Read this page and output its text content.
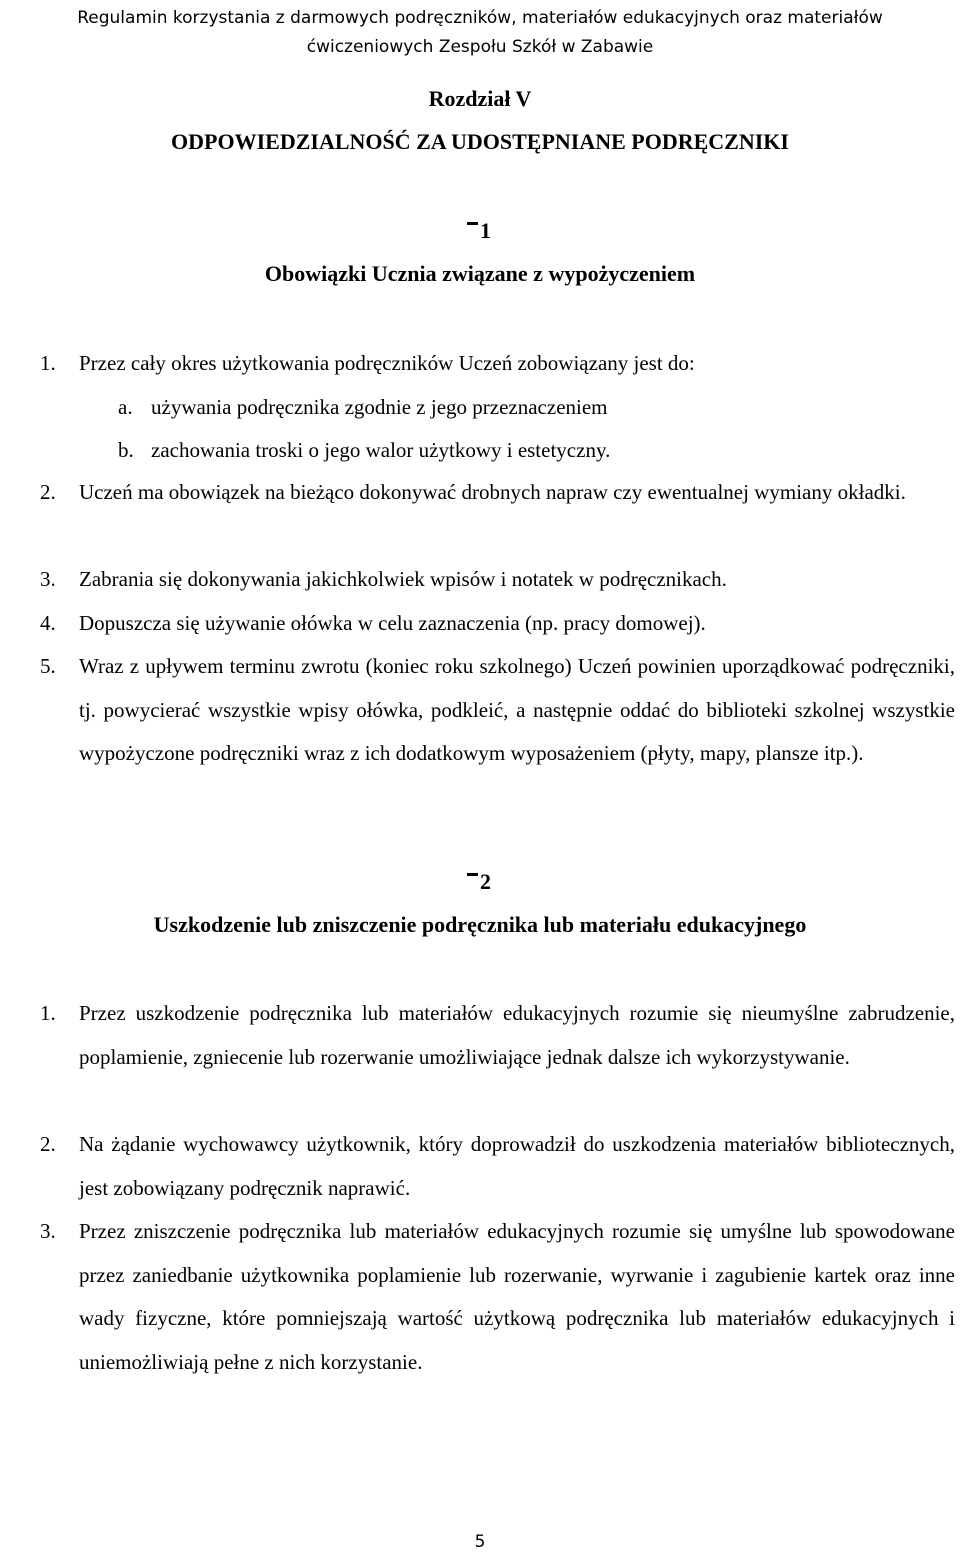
Regulamin korzystania z darmowych podręczników, materiałów edukacyjnych oraz materiałów
ćwiczeniowych Zespołu Szkół w Zabawie
Rozdział V
ODPOWIEDZIALNOŚĆ ZA UDOSTĘPNIANE PODRĘCZNIKI
1
Obowiązki Ucznia związane z wypożyczeniem
1. Przez cały okres użytkowania podręczników Uczeń zobowiązany jest do:
a. używania podręcznika zgodnie z jego przeznaczeniem
b. zachowania troski o jego walor użytkowy i estetyczny.
2. Uczeń ma obowiązek na bieżąco dokonywać drobnych napraw czy ewentualnej wymiany okładki.
3. Zabrania się dokonywania jakichkolwiek wpisów i notatek w podręcznikach.
4. Dopuszcza się używanie ołówka w celu zaznaczenia (np. pracy domowej).
5. Wraz z upływem terminu zwrotu (koniec roku szkolnego) Uczeń powinien uporządkować podręczniki, tj. powycierać wszystkie wpisy ołówka, podkleić, a następnie oddać do biblioteki szkolnej wszystkie wypożyczone podręczniki wraz z ich dodatkowym wyposażeniem (płyty, mapy, plansze itp.).
2
Uszkodzenie lub zniszczenie podręcznika lub materiału edukacyjnego
1. Przez uszkodzenie podręcznika lub materiałów edukacyjnych rozumie się nieumyślne zabrudzenie, poplamienie, zgniecenie lub rozerwanie umożliwiające jednak dalsze ich wykorzystywanie.
2. Na żądanie wychowawcy użytkownik, który doprowadził do uszkodzenia materiałów bibliotecznych, jest zobowiązany podręcznik naprawić.
3. Przez zniszczenie podręcznika lub materiałów edukacyjnych rozumie się umyślne lub spowodowane przez zaniedbanie użytkownika poplamienie lub rozerwanie, wyrwanie i zagubienie kartek oraz inne wady fizyczne, które pomniejszają wartość użytkową podręcznika lub materiałów edukacyjnych i uniemożliwiają pełne z nich korzystanie.
5
